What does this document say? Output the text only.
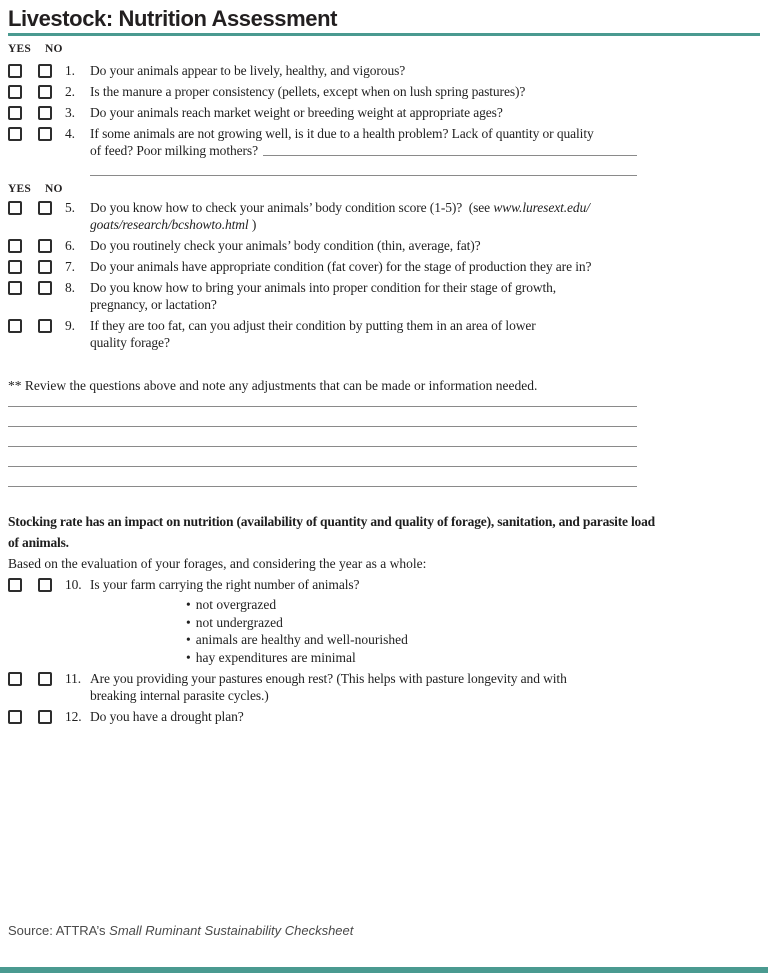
Livestock: Nutrition Assessment
YES NO
1.	Do your animals appear to be lively, healthy, and vigorous?
2.	Is the manure a proper consistency (pellets, except when on lush spring pastures)?
3.	Do your animals reach market weight or breeding weight at appropriate ages?
4.	If some animals are not growing well, is it due to a health problem? Lack of quantity or quality
of feed? Poor milking mothers?
YES NO
5.	Do you know how to check your animals’ body condition score (1-5)?  (see www.luresext.edu/
goats/research/bcshowto.html )
6.	Do you routinely check your animals’ body condition (thin, average, fat)?
7.	Do your animals have appropriate condition (fat cover) for the stage of production they are in?
8.	Do you know how to bring your animals into proper condition for their stage of growth,
pregnancy, or lactation?
9.	If they are too fat, can you adjust their condition by putting them in an area of lower
quality forage?
** Review the questions above and note any adjustments that can be made or information needed.
Stocking rate has an impact on nutrition (availability of quantity and quality of forage), sanitation, and parasite load
of animals.
Based on the evaluation of your forages, and considering the year as a whole:
10. Is your farm carrying the right number of animals?
• not overgrazed
• not undergrazed
• animals are healthy and well-nourished
• hay expenditures are minimal
11. Are you providing your pastures enough rest? (This helps with pasture longevity and with
breaking internal parasite cycles.)
12. Do you have a drought plan?
Source: ATTRA’s Small Ruminant Sustainability Checksheet
